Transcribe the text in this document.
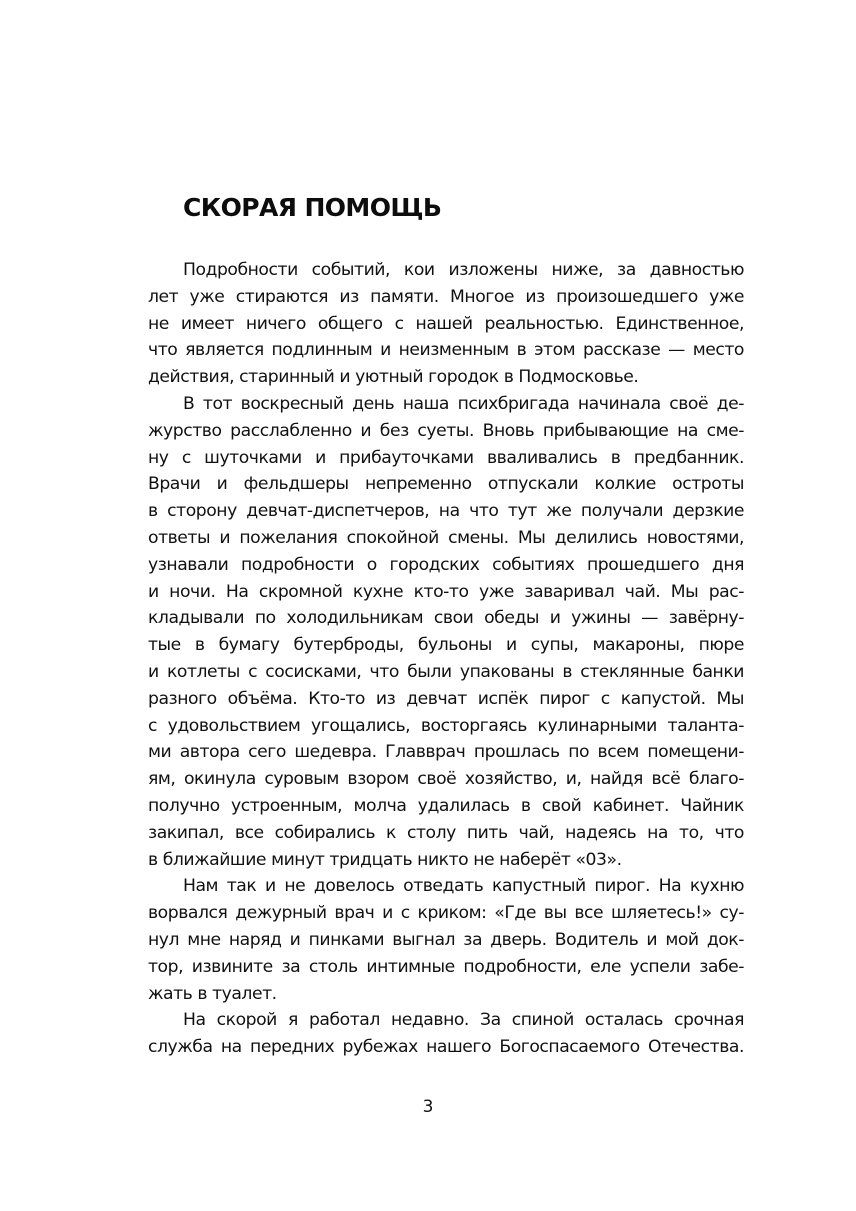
СКОРАЯ ПОМОЩЬ
Подробности событий, кои изложены ниже, за давностью
лет уже стираются из памяти. Многое из произошедшего уже
не имеет ничего общего с нашей реальностью. Единственное,
что является подлинным и неизменным в этом рассказе — место
действия, старинный и уютный городок в Подмосковье.
В тот воскресный день наша психбригада начинала своё де-
журство расслабленно и без суеты. Вновь прибывающие на сме-
ну с шуточками и прибауточками вваливались в предбанник.
Врачи и фельдшеры непременно отпускали колкие остроты
в сторону девчат-диспетчеров, на что тут же получали дерзкие
ответы и пожелания спокойной смены. Мы делились новостями,
узнавали подробности о городских событиях прошедшего дня
и ночи. На скромной кухне кто-то уже заваривал чай. Мы рас-
кладывали по холодильникам свои обеды и ужины — завёрну-
тые в бумагу бутерброды, бульоны и супы, макароны, пюре
и котлеты с сосисками, что были упакованы в стеклянные банки
разного объёма. Кто-то из девчат испёк пирог с капустой. Мы
с удовольствием угощались, восторгаясь кулинарными таланта-
ми автора сего шедевра. Главврач прошлась по всем помещени-
ям, окинула суровым взором своё хозяйство, и, найдя всё благо-
получно устроенным, молча удалилась в свой кабинет. Чайник
закипал, все собирались к столу пить чай, надеясь на то, что
в ближайшие минут тридцать никто не наберёт «03».
Нам так и не довелось отведать капустный пирог. На кухню
ворвался дежурный врач и с криком: «Где вы все шляетесь!» су-
нул мне наряд и пинками выгнал за дверь. Водитель и мой док-
тор, извините за столь интимные подробности, еле успели забе-
жать в туалет.
На скорой я работал недавно. За спиной осталась срочная
служба на передних рубежах нашего Богоспасаемого Отечества.
3
